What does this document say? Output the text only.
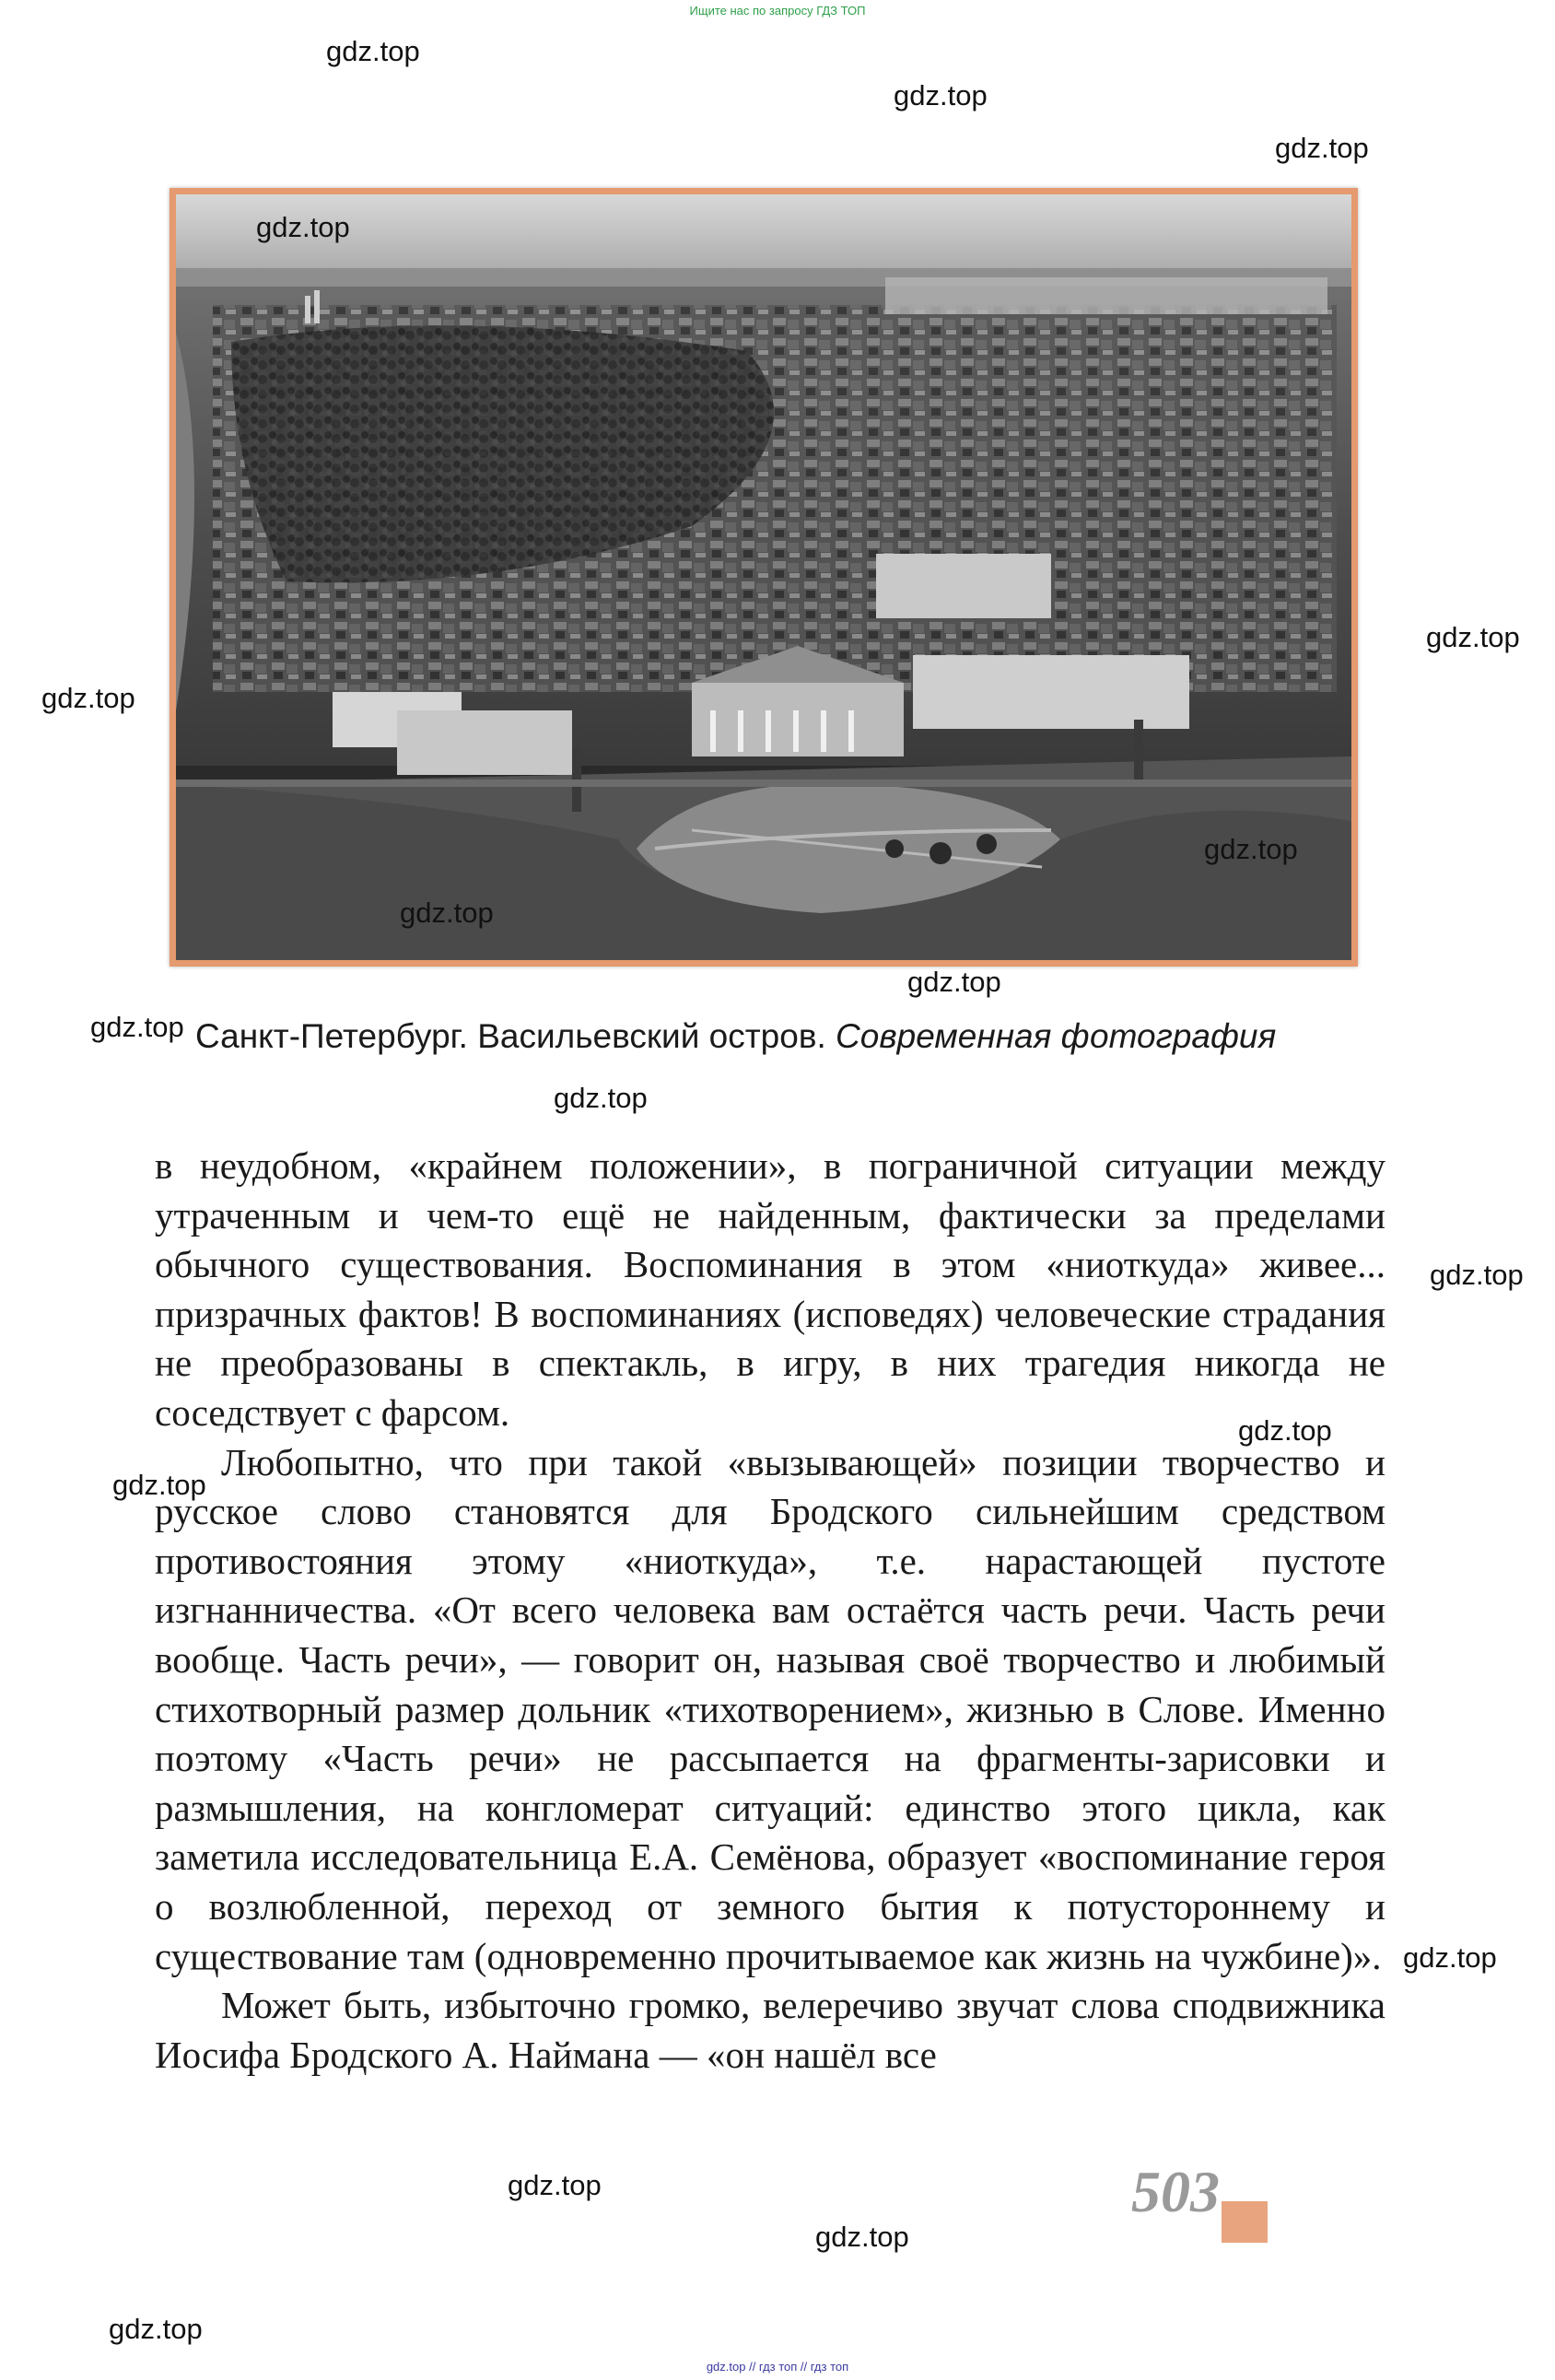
Ищите нас по запросу ГДЗ ТОП
gdz.top
gdz.top
gdz.top
gdz.top
gdz.top
gdz.top
gdz.top
gdz.top
gdz.top
gdz.top Санкт-Петербург. Васильевский остров. Современная фотография
gdz.top

в неудобном, «крайнем положении», в пограничной ситуации между утраченным и чем-то ещё не найденным, фактически за пределами обычного существования. Воспоминания в этом «ниоткуда» живее... призрачных фактов! В воспоминаниях (исповедях) человеческие страдания не преобразованы в спектакль, в игру, в них трагедия никогда не соседствует с фарсом.

Любопытно, что при такой «вызывающей» позиции творчество и русское слово становятся для Бродского сильнейшим средством противостояния этому «ниоткуда», т.е. нарастающей пустоте изгнанничества. «От всего человека вам остаётся часть речи. Часть речи вообще. Часть речи», — говорит он, называя своё творчество и любимый стихотворный размер дольник «тихотворением», жизнью в Слове. Именно поэтому «Часть речи» не рассыпается на фрагменты-зарисовки и размышления, на конгломерат ситуаций: единство этого цикла, как заметила исследовательница Е.А. Семёнова, образует «воспоминание героя о возлюбленной, переход от земного бытия к потустороннему и существование там (одновременно прочитываемое как жизнь на чужбине)».

Может быть, избыточно громко, велеречиво звучат слова сподвижника Иосифа Бродского А. Наймана — «он нашёл все

gdz.top
gdz.top
gdz.top
gdz.top
gdz.top
gdz.top
gdz.top
503
gdz.top // гдз топ // гдз топ
